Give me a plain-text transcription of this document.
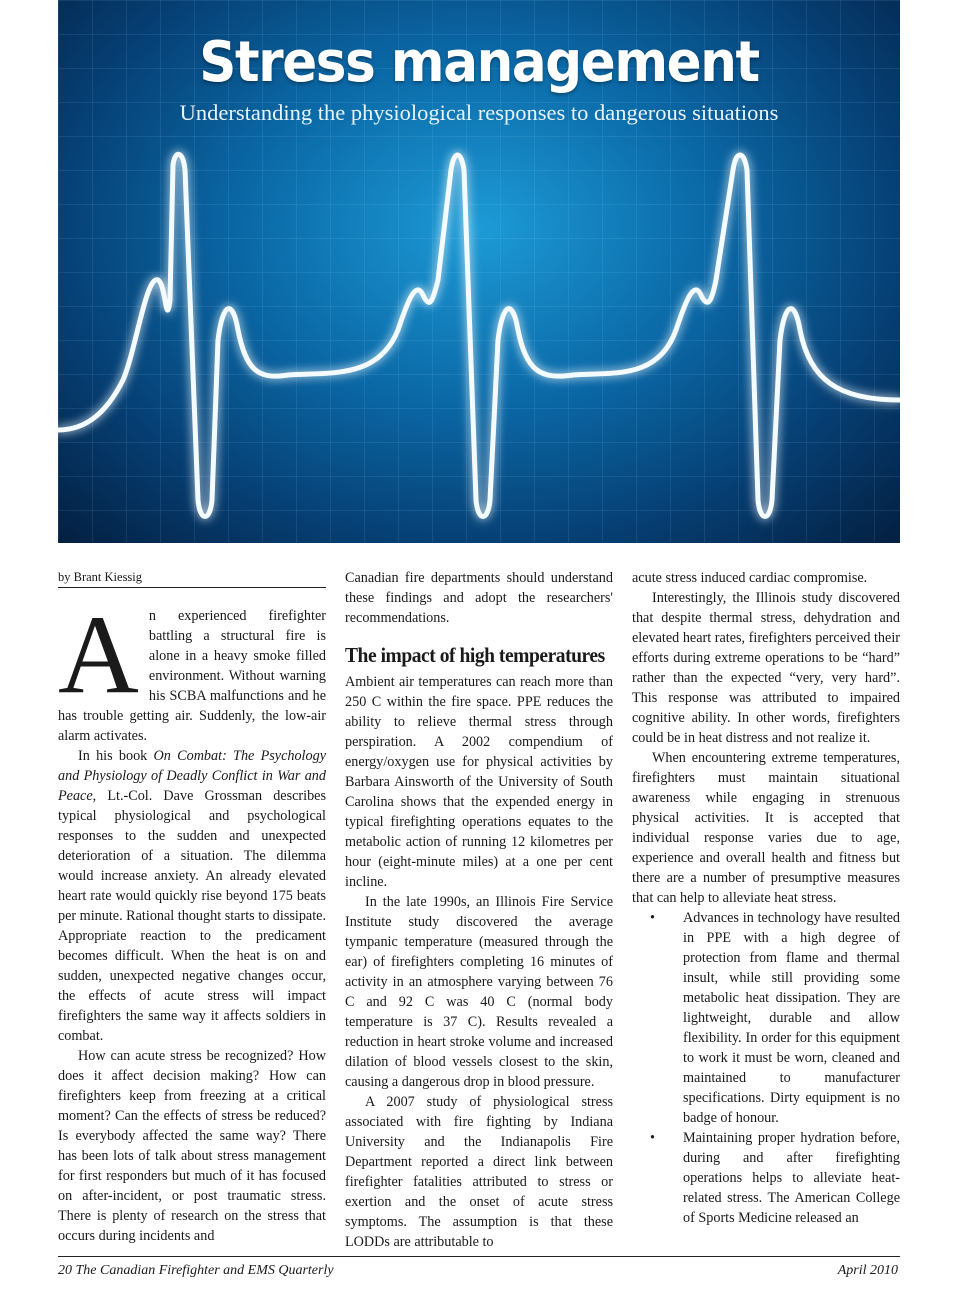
Stress management
Understanding the physiological responses to dangerous situations
by Brant Kiessig

An experienced firefighter battling a structural fire is alone in a heavy smoke filled environment. Without warning his SCBA malfunctions and he has trouble getting air. Suddenly, the low-air alarm activates.

In his book On Combat: The Psychology and Physiology of Deadly Conflict in War and Peace, Lt.-Col. Dave Grossman describes typical physiological and psychological responses to the sudden and unexpected deterioration of a situation. The dilemma would increase anxiety. An already elevated heart rate would quickly rise beyond 175 beats per minute. Rational thought starts to dissipate. Appropriate reaction to the predicament becomes difficult. When the heat is on and sudden, unexpected negative changes occur, the effects of acute stress will impact firefighters the same way it affects soldiers in combat.

How can acute stress be recognized? How does it affect decision making? How can firefighters keep from freezing at a critical moment? Can the effects of stress be reduced? Is everybody affected the same way? There has been lots of talk about stress management for first responders but much of it has focused on after-incident, or post traumatic stress. There is plenty of research on the stress that occurs during incidents and

Canadian fire departments should understand these findings and adopt the researchers' recommendations.

The impact of high temperatures

Ambient air temperatures can reach more than 250 C within the fire space. PPE reduces the ability to relieve thermal stress through perspiration. A 2002 compendium of energy/oxygen use for physical activities by Barbara Ainsworth of the University of South Carolina shows that the expended energy in typical firefighting operations equates to the metabolic action of running 12 kilometres per hour (eight-minute miles) at a one per cent incline.

In the late 1990s, an Illinois Fire Service Institute study discovered the average tympanic temperature (measured through the ear) of firefighters completing 16 minutes of activity in an atmosphere varying between 76 C and 92 C was 40 C (normal body temperature is 37 C). Results revealed a reduction in heart stroke volume and increased dilation of blood vessels closest to the skin, causing a dangerous drop in blood pressure.

A 2007 study of physiological stress associated with fire fighting by Indiana University and the Indianapolis Fire Department reported a direct link between firefighter fatalities attributed to stress or exertion and the onset of acute stress symptoms. The assumption is that these LODDs are attributable to

acute stress induced cardiac compromise.

Interestingly, the Illinois study discovered that despite thermal stress, dehydration and elevated heart rates, firefighters perceived their efforts during extreme operations to be “hard” rather than the expected “very, very hard”. This response was attributed to impaired cognitive ability. In other words, firefighters could be in heat distress and not realize it.

When encountering extreme temperatures, firefighters must maintain situational awareness while engaging in strenuous physical activities. It is accepted that individual response varies due to age, experience and overall health and fitness but there are a number of presumptive measures that can help to alleviate heat stress.

• Advances in technology have resulted in PPE with a high degree of protection from flame and thermal insult, while still providing some metabolic heat dissipation. They are lightweight, durable and allow flexibility. In order for this equipment to work it must be worn, cleaned and maintained to manufacturer specifications. Dirty equipment is no badge of honour.
• Maintaining proper hydration before, during and after firefighting operations helps to alleviate heat-related stress. The American College of Sports Medicine released an
20 The Canadian Firefighter and EMS Quarterly	April 2010
